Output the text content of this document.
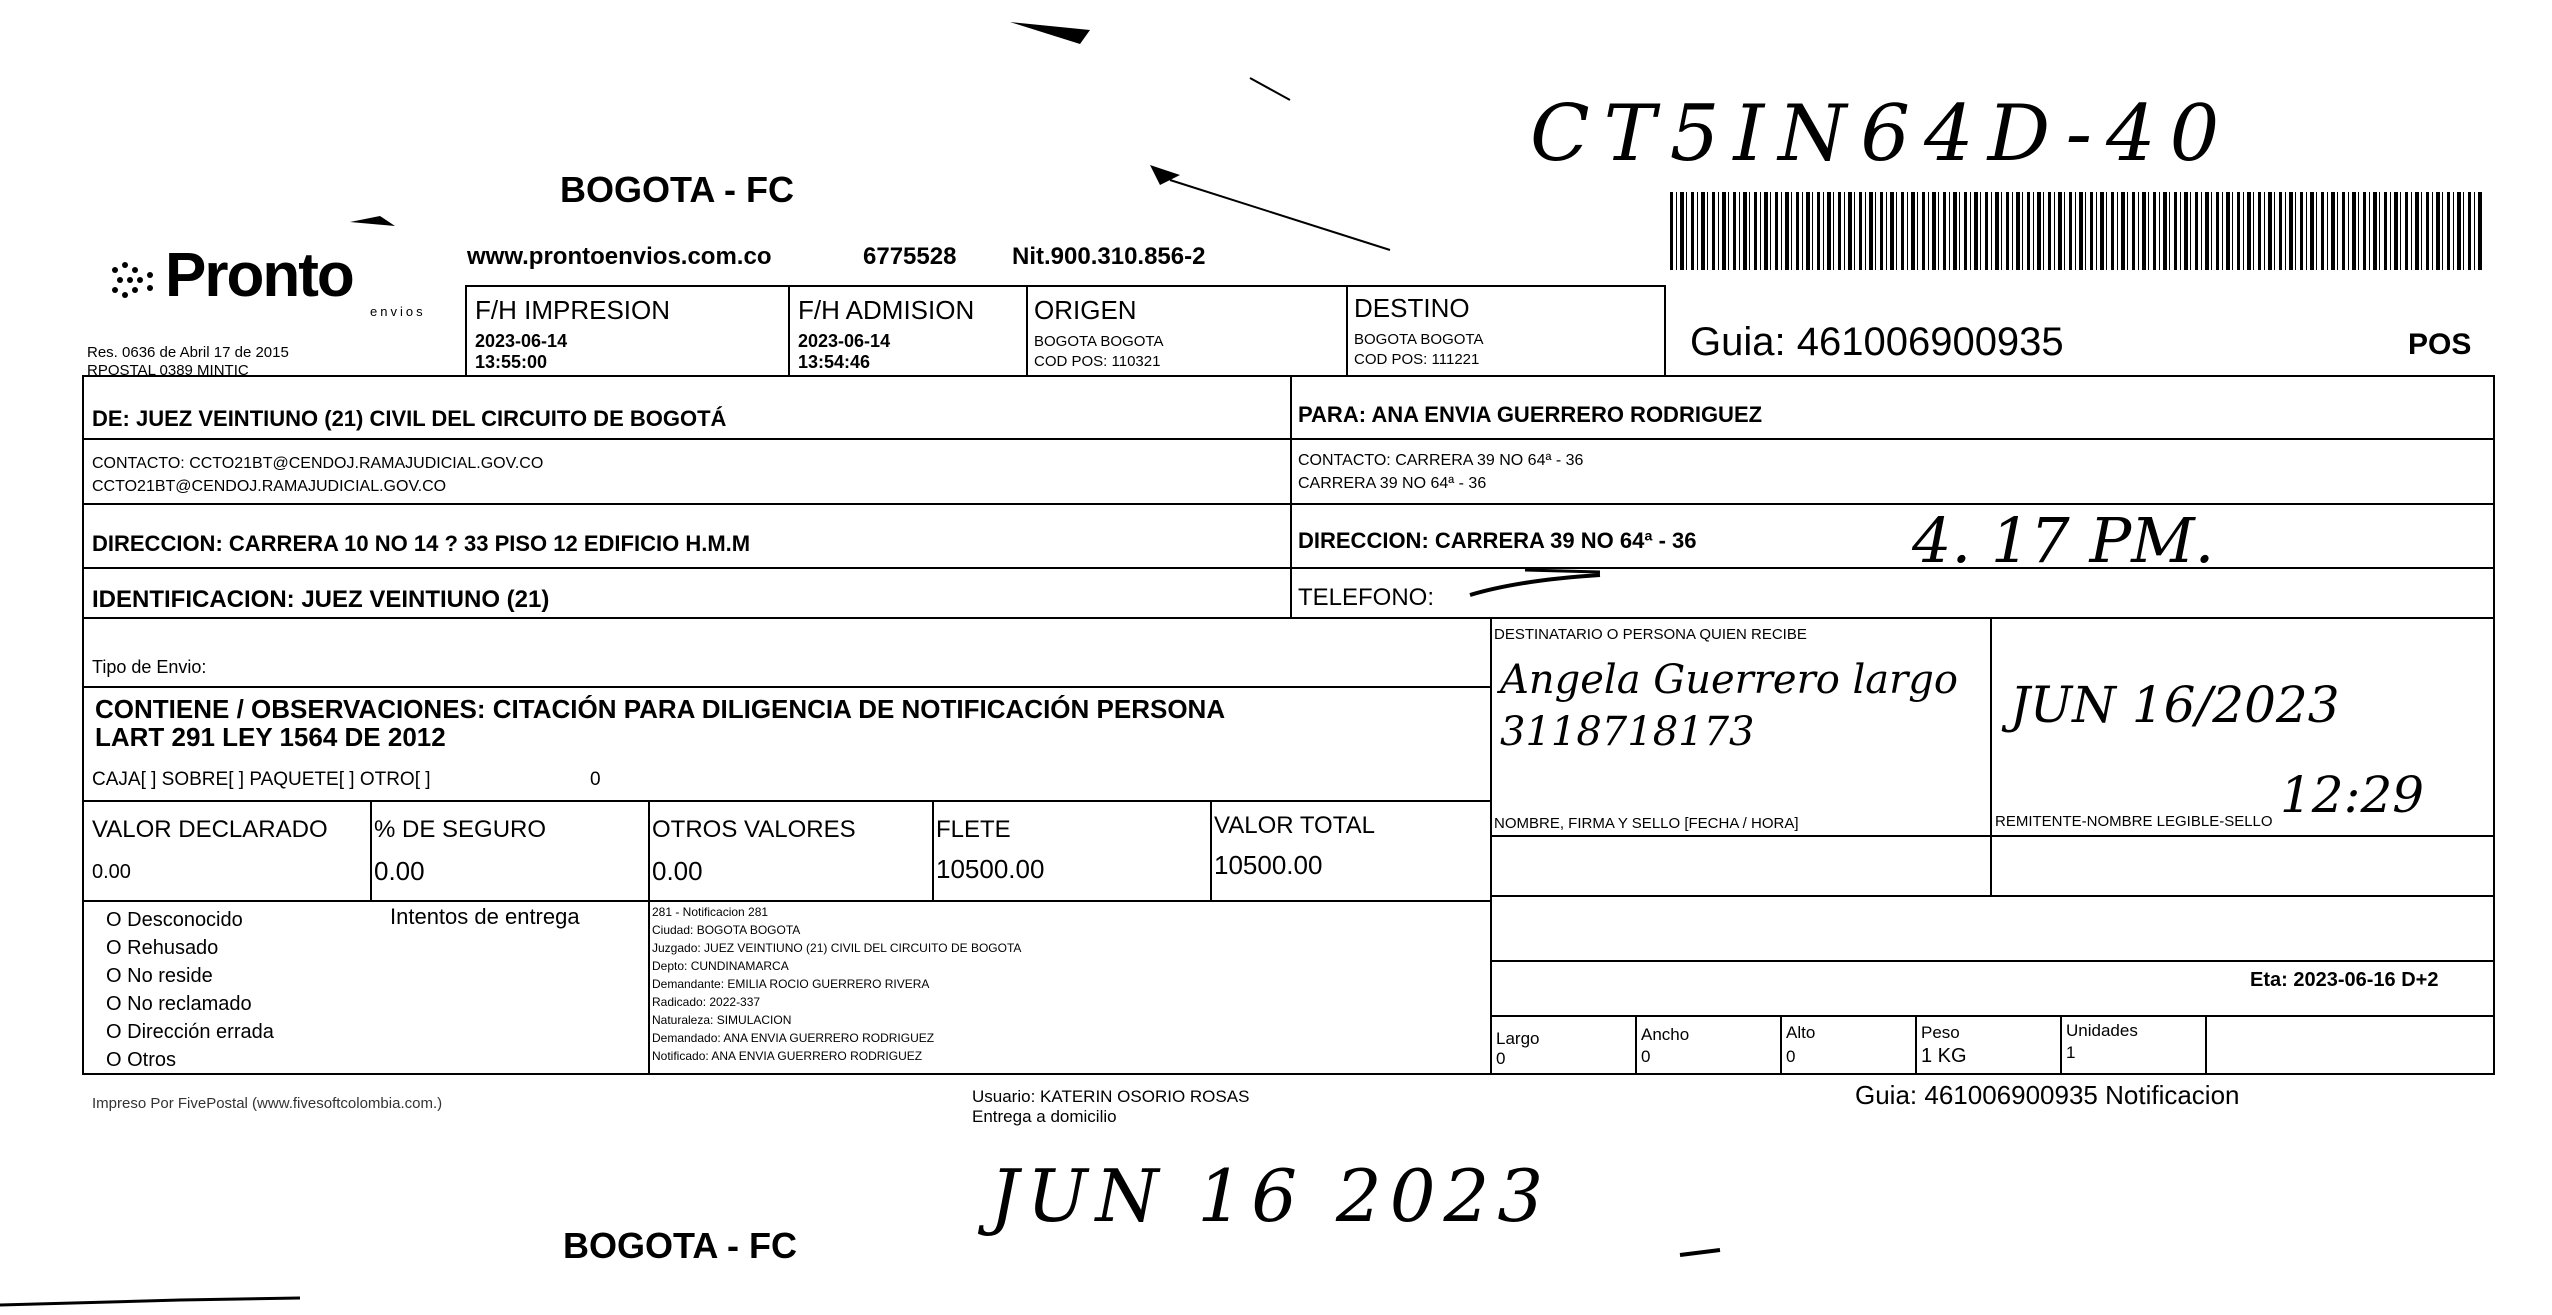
BOGOTA - FC
Pronto
envios
www.prontoenvios.com.co	6775528 Nit.900.310.856-2
Res. 0636 de Abril 17 de 2015
RPOSTAL 0389 MINTIC
CT5IN64D-40
Guia: 461006900935	POS
F/H IMPRESION
2023-06-14
13:55:00
F/H ADMISION
2023-06-14
13:54:46
ORIGEN
BOGOTA BOGOTA
COD POS: 110321
DESTINO
BOGOTA BOGOTA
COD POS: 111221
DE: JUEZ VEINTIUNO (21) CIVIL DEL CIRCUITO DE BOGOTÁ
CONTACTO: CCTO21BT@CENDOJ.RAMAJUDICIAL.GOV.CO
CCTO21BT@CENDOJ.RAMAJUDICIAL.GOV.CO
DIRECCION: CARRERA 10 NO 14 ? 33 PISO 12 EDIFICIO H.M.M
IDENTIFICACION: JUEZ VEINTIUNO (21)
PARA: ANA ENVIA GUERRERO RODRIGUEZ
CONTACTO: CARRERA 39 NO 64ª - 36
CARRERA 39 NO 64ª - 36
DIRECCION: CARRERA 39 NO 64ª - 36
TELEFONO:
4. 17 PM.
Tipo de Envio:
CONTIENE / OBSERVACIONES: CITACIÓN PARA DILIGENCIA DE NOTIFICACIÓN PERSONA
LART 291 LEY 1564 DE 2012
CAJA[ ] SOBRE[ ] PAQUETE[ ] OTRO[ ]	0
VALOR DECLARADO
0.00
% DE SEGURO
0.00
OTROS VALORES
0.00
FLETE
10500.00
VALOR TOTAL
10500.00
DESTINATARIO O PERSONA QUIEN RECIBE
Angela Guerrero largo
3118718173	JUN 16/2023
12:29
NOMBRE, FIRMA Y SELLO [FECHA / HORA]	REMITENTE-NOMBRE LEGIBLE-SELLO
Eta: 2023-06-16 D+2
O Desconocido
O Rehusado
O No reside
O No reclamado
O Dirección errada
O Otros
Intentos de entrega	281 - Notificacion 281
Ciudad: BOGOTA BOGOTA
Juzgado: JUEZ VEINTIUNO (21) CIVIL DEL CIRCUITO DE BOGOTA
Depto: CUNDINAMARCA
Demandante: EMILIA ROCIO GUERRERO RIVERA
Radicado: 2022-337
Naturaleza: SIMULACION
Demandado: ANA ENVIA GUERRERO RODRIGUEZ
Notificado: ANA ENVIA GUERRERO RODRIGUEZ
Largo
0
Ancho
0
Alto
0
Peso
1 KG
Unidades
1
Impreso Por FivePostal (www.fivesoftcolombia.com.)	Usuario: KATERIN OSORIO ROSAS
Entrega a domicilio
Guia: 461006900935 Notificacion
BOGOTA - FC
JUN 16 2023
